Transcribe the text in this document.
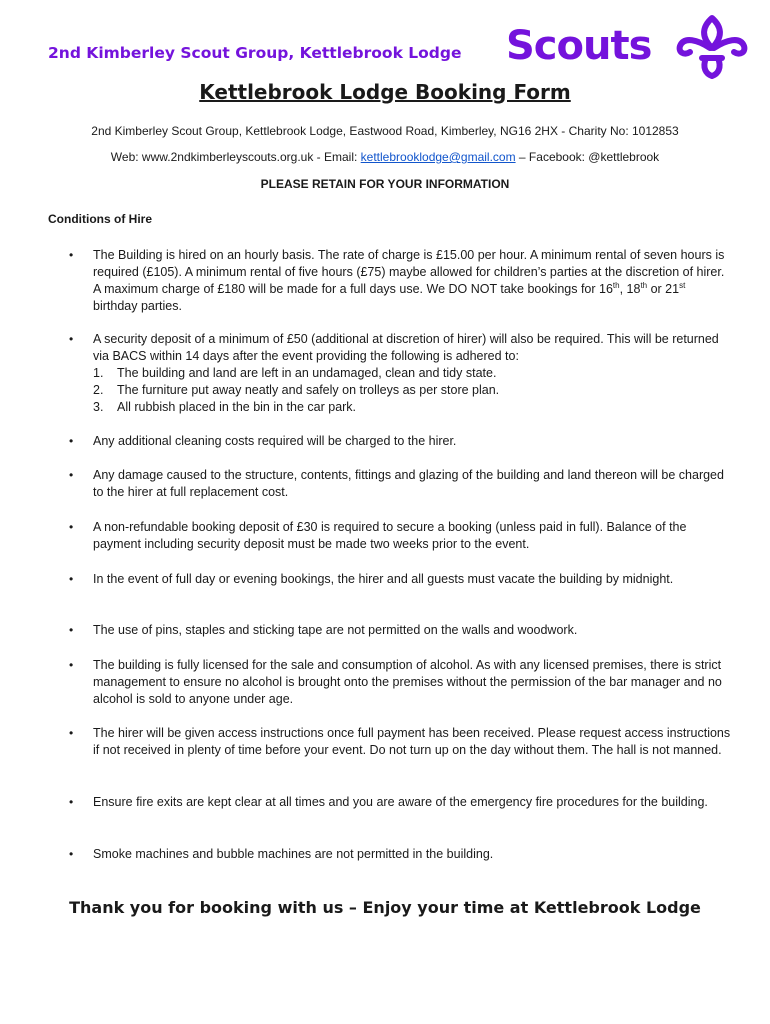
2nd Kimberley Scout Group, Kettlebrook Lodge Scouts
Kettlebrook Lodge Booking Form
2nd Kimberley Scout Group, Kettlebrook Lodge, Eastwood Road, Kimberley, NG16 2HX - Charity No: 1012853
Web: www.2ndkimberleyscouts.org.uk - Email: kettlebrooklodge@gmail.com – Facebook: @kettlebrook
PLEASE RETAIN FOR YOUR INFORMATION
Conditions of Hire
• The Building is hired on an hourly basis. The rate of charge is £15.00 per hour. A minimum rental of seven hours is required (£105). A minimum rental of five hours (£75) maybe allowed for children’s parties at the discretion of hirer. A maximum charge of £180 will be made for a full days use. We DO NOT take bookings for 16th, 18th or 21st birthday parties.
• A security deposit of a minimum of £50 (additional at discretion of hirer) will also be required. This will be returned via BACS within 14 days after the event providing the following is adhered to:
1. The building and land are left in an undamaged, clean and tidy state.
2. The furniture put away neatly and safely on trolleys as per store plan.
3. All rubbish placed in the bin in the car park.
• Any additional cleaning costs required will be charged to the hirer.
• Any damage caused to the structure, contents, fittings and glazing of the building and land thereon will be charged to the hirer at full replacement cost.
• A non-refundable booking deposit of £30 is required to secure a booking (unless paid in full). Balance of the payment including security deposit must be made two weeks prior to the event.
• In the event of full day or evening bookings, the hirer and all guests must vacate the building by midnight.
• The use of pins, staples and sticking tape are not permitted on the walls and woodwork.
• The building is fully licensed for the sale and consumption of alcohol. As with any licensed premises, there is strict management to ensure no alcohol is brought onto the premises without the permission of the bar manager and no alcohol is sold to anyone under age.
• The hirer will be given access instructions once full payment has been received. Please request access instructions if not received in plenty of time before your event. Do not turn up on the day without them. The hall is not manned.
• Ensure fire exits are kept clear at all times and you are aware of the emergency fire procedures for the building.
• Smoke machines and bubble machines are not permitted in the building.
Thank you for booking with us – Enjoy your time at Kettlebrook Lodge
